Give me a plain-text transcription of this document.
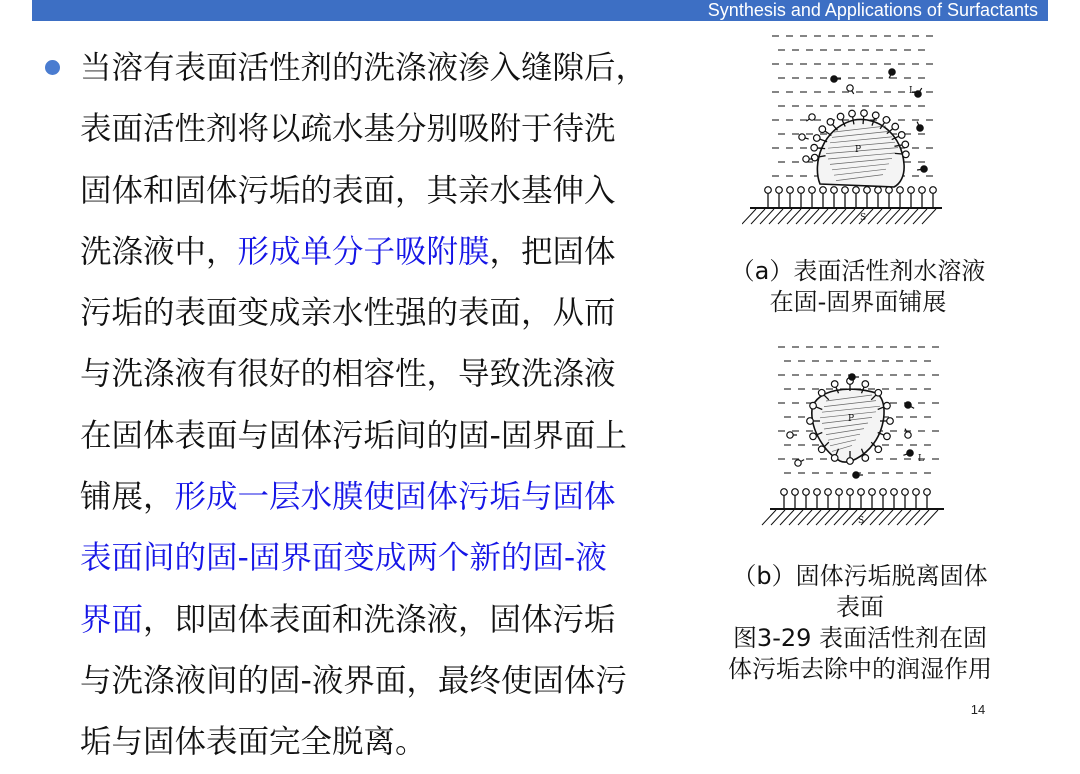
Synthesis and Applications of Surfactants
当溶有表面活性剂的洗涤液渗入缝隙后，
表面活性剂将以疏水基分别吸附于待洗
固体和固体污垢的表面，其亲水基伸入
洗涤液中，形成单分子吸附膜，把固体
污垢的表面变成亲水性强的表面，从而
与洗涤液有很好的相容性，导致洗涤液
在固体表面与固体污垢间的固-固界面上
铺展，形成一层水膜使固体污垢与固体
表面间的固-固界面变成两个新的固-液
界面，即固体表面和洗涤液，固体污垢
与洗涤液间的固-液界面，最终使固体污
垢与固体表面完全脱离。
L
P
S
L
P
S
（a）表面活性剂水溶液
在固-固界面铺展
（b）固体污垢脱离固体
表面
图3-29 表面活性剂在固
体污垢去除中的润湿作用
14
